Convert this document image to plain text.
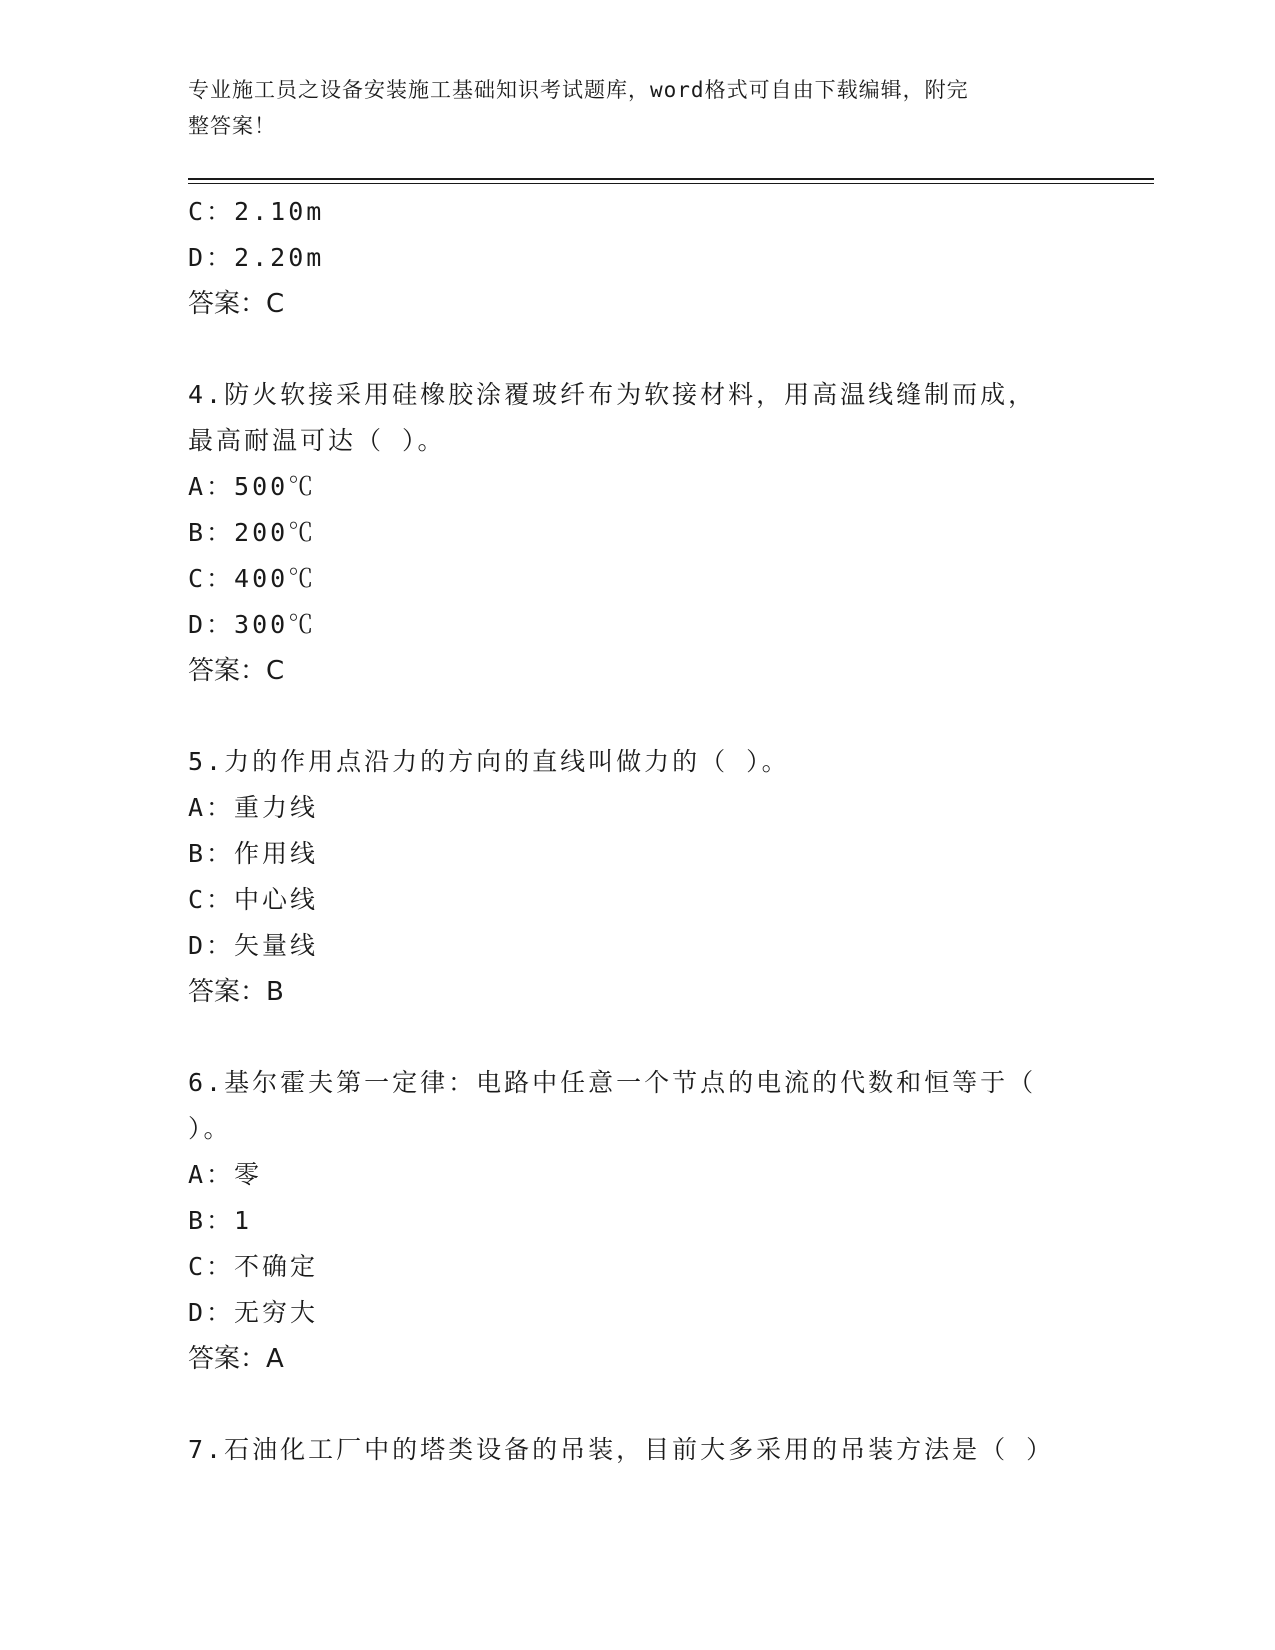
专业施工员之设备安装施工基础知识考试题库，word格式可自由下载编辑，附完
整答案！
C：2.10m
D：2.20m
答案：C
4.防火软接采用硅橡胶涂覆玻纤布为软接材料，用高温线缝制而成，
最高耐温可达（ ）。
A：500℃
B：200℃
C：400℃
D：300℃
答案：C
5.力的作用点沿力的方向的直线叫做力的（ ）。
A：重力线
B：作用线
C：中心线
D：矢量线
答案：B
6.基尔霍夫第一定律：电路中任意一个节点的电流的代数和恒等于（
）。
A：零
B：1
C：不确定
D：无穷大
答案：A
7.石油化工厂中的塔类设备的吊装，目前大多采用的吊装方法是（ ）
